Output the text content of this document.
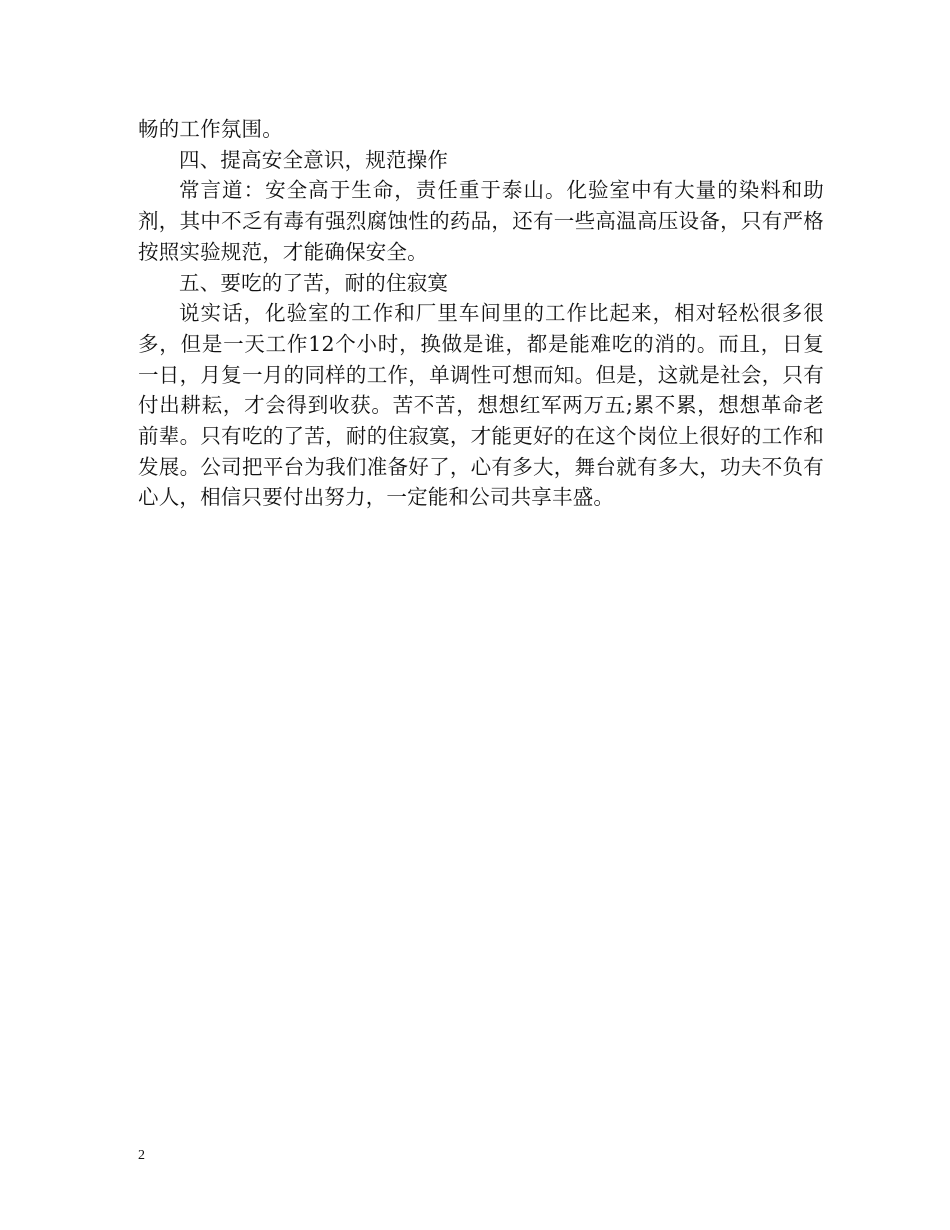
畅的工作氛围。

四、提高安全意识，规范操作

常言道：安全高于生命，责任重于泰山。化验室中有大量的染料和助剂，其中不乏有毒有强烈腐蚀性的药品，还有一些高温高压设备，只有严格按照实验规范，才能确保安全。

五、要吃的了苦，耐的住寂寞

说实话，化验室的工作和厂里车间里的工作比起来，相对轻松很多很多，但是一天工作12个小时，换做是谁，都是能难吃的消的。而且，日复一日，月复一月的同样的工作，单调性可想而知。但是，这就是社会，只有付出耕耘，才会得到收获。苦不苦，想想红军两万五;累不累，想想革命老前辈。只有吃的了苦，耐的住寂寞，才能更好的在这个岗位上很好的工作和发展。公司把平台为我们准备好了，心有多大，舞台就有多大，功夫不负有心人，相信只要付出努力，一定能和公司共享丰盛。

2
